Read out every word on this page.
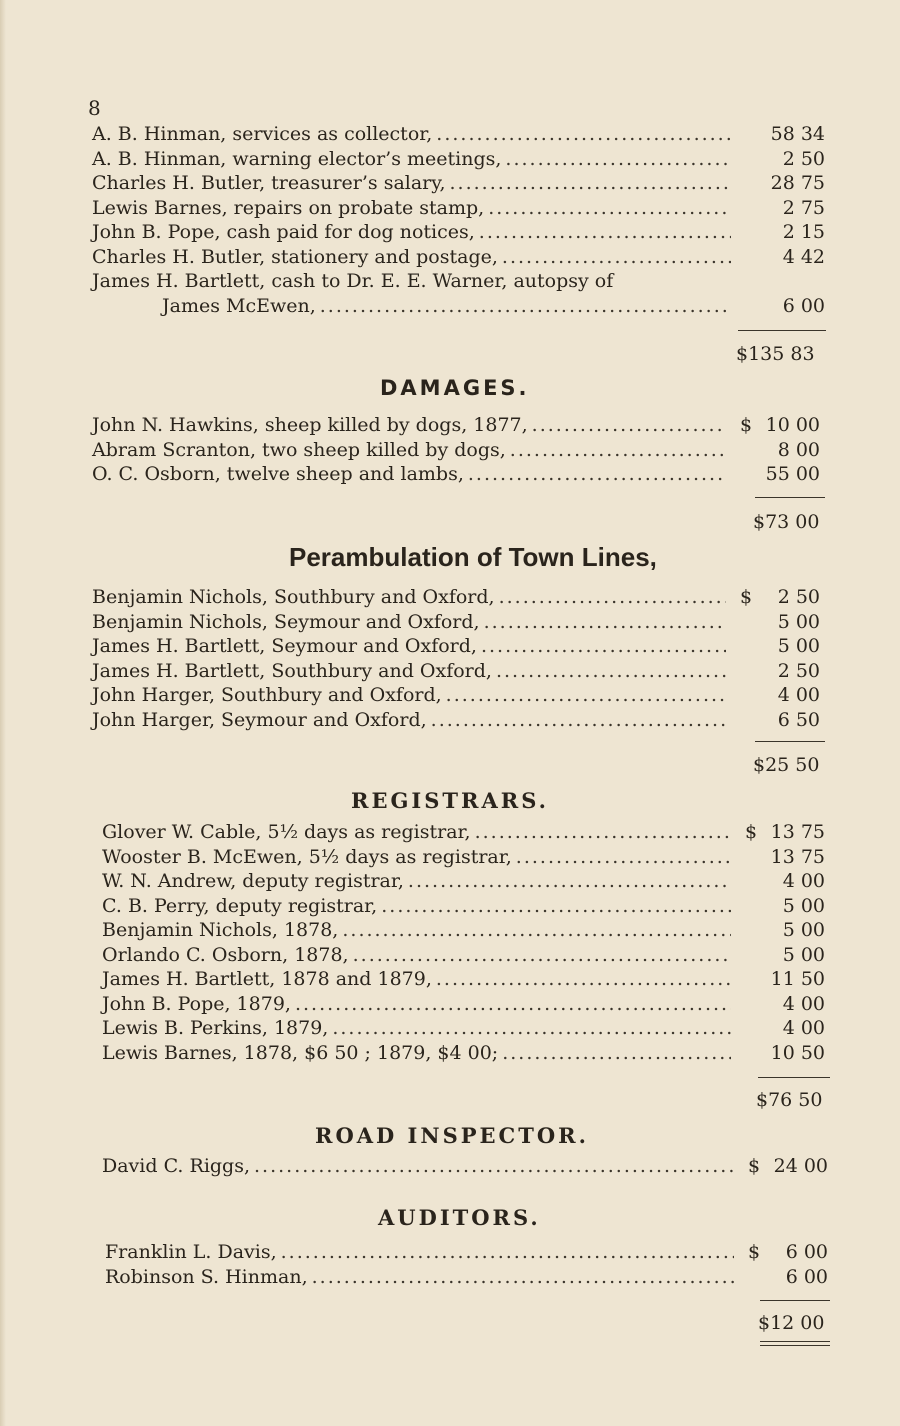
8
A. B. Hinman, services as collector, .....	58 34
A. B. Hinman, warning elector’s meetings, .....	2 50
Charles H. Butler, treasurer’s salary, .....	28 75
Lewis Barnes, repairs on probate stamp, .....	2 75
John B. Pope, cash paid for dog notices, .....	2 15
Charles H. Butler, stationery and postage, .....	4 42
James H. Bartlett, cash to Dr. E. E. Warner, autopsy of
James McEwen, .....	6 00
$135 83
DAMAGES.
John N. Hawkins, sheep killed by dogs, 1877, .....	$ 10 00
Abram Scranton, two sheep killed by dogs, .....	8 00
O. C. Osborn, twelve sheep and lambs, .....	55 00
$73 00
Perambulation of Town Lines,
Benjamin Nichols, Southbury and Oxford, .....	$ 2 50
Benjamin Nichols, Seymour and Oxford, .....	5 00
James H. Bartlett, Seymour and Oxford, .....	5 00
James H. Bartlett, Southbury and Oxford, .....	2 50
John Harger, Southbury and Oxford, .....	4 00
John Harger, Seymour and Oxford, .....	6 50
$25 50
REGISTRARS.
Glover W. Cable, 5½ days as registrar, .....	$ 13 75
Wooster B. McEwen, 5½ days as registrar, .....	13 75
W. N. Andrew, deputy registrar, .....	4 00
C. B. Perry, deputy registrar, .....	5 00
Benjamin Nichols, 1878, .....	5 00
Orlando C. Osborn, 1878, .....	5 00
James H. Bartlett, 1878 and 1879, .....	11 50
John B. Pope, 1879, .....	4 00
Lewis B. Perkins, 1879, .....	4 00
Lewis Barnes, 1878, $6 50 ; 1879, $4 00; .....	10 50
$76 50
ROAD INSPECTOR.
David C. Riggs, .....	$ 24 00
AUDITORS.
Franklin L. Davis, .....	$ 6 00
Robinson S. Hinman, .....	6 00
$12 00
